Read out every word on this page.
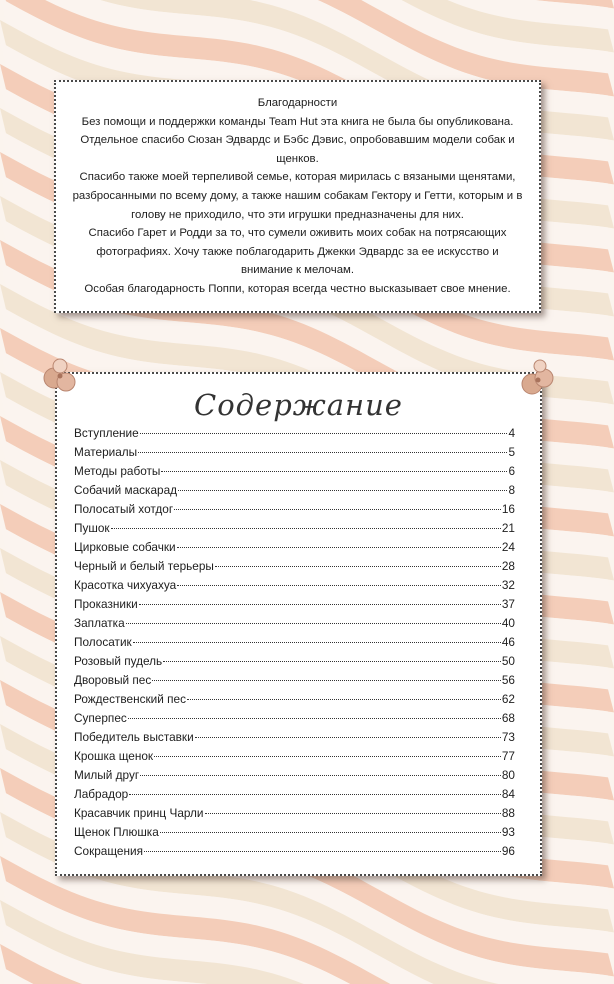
Благодарности

Без помощи и поддержки команды Team Hut эта книга не была бы опубликована. Отдельное спасибо Сюзан Эдвардс и Бэбс Дэвис, опробовавшим модели собак и щенков.

Спасибо также моей терпеливой семье, которая мирилась с вязаными щенятами, разбросанными по всему дому, а также нашим собакам Гектору и Гетти, которым и в голову не приходило, что эти игрушки предназначены для них.

Спасибо Гарет и Родди за то, что сумели оживить моих собак на потрясающих фотографиях. Хочу также поблагодарить Джекки Эдвардс за ее искусство и внимание к мелочам.

Особая благодарность Поппи, которая всегда честно высказывает свое мнение.

Содержание
Вступление	4
Материалы	5
Методы работы	6
Собачий маскарад	8
Полосатый хотдог	16
Пушок	21
Цирковые собачки	24
Черный и белый терьеры	28
Красотка чихуахуа	32
Проказники	37
Заплатка	40
Полосатик	46
Розовый пудель	50
Дворовый пес	56
Рождественский пес	62
Суперпес	68
Победитель выставки	73
Крошка щенок	77
Милый друг	80
Лабрадор	84
Красавчик принц Чарли	88
Щенок Плюшка	93
Сокращения	96
